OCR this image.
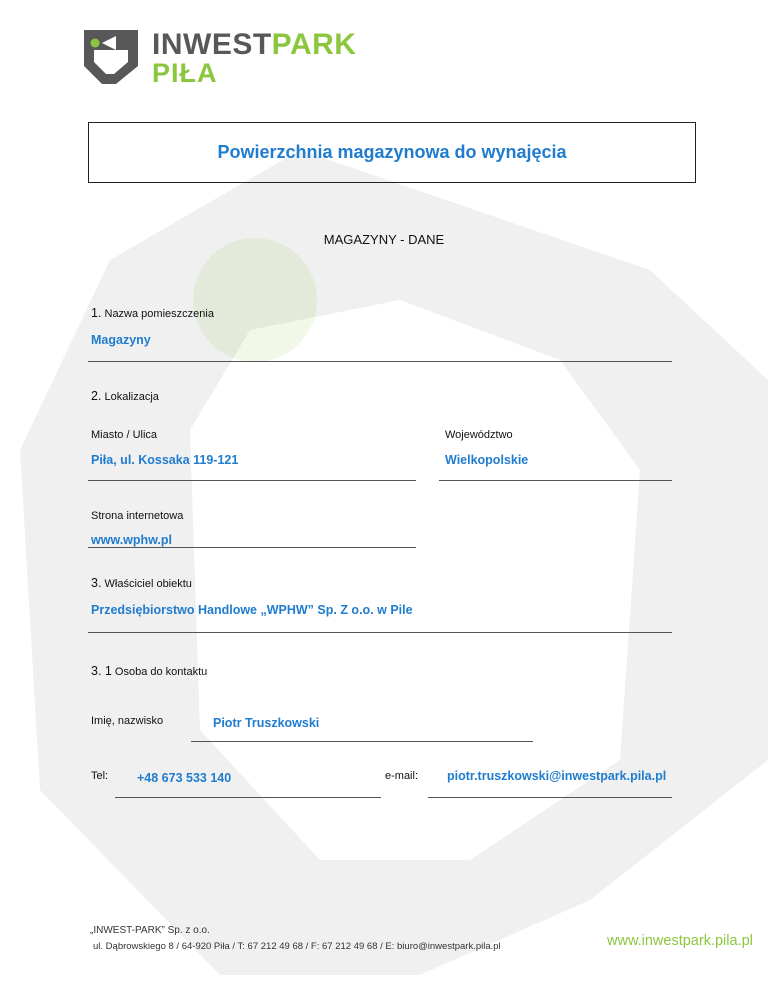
INWESTPARK
PIŁA
Powierzchnia magazynowa do wynajęcia
MAGAZYNY - DANE
1. Nazwa pomieszczenia
Magazyny
2. Lokalizacja
Miasto / Ulica
Piła, ul. Kossaka 119-121
Województwo
Wielkopolskie
Strona internetowa
www.wphw.pl
3. Właściciel obiektu
Przedsiębiorstwo Handlowe „WPHW” Sp. Z o.o. w Pile
3. 1 Osoba do kontaktu
Imię, nazwisko	Piotr Truszkowski
Tel: +48 673 533 140	e-mail: piotr.truszkowski@inwestpark.pila.pl
„INWEST-PARK” Sp. z o.o.
ul. Dąbrowskiego 8 / 64-920 Piła / T: 67 212 49 68 / F: 67 212 49 68 / E: biuro@inwestpark.pila.pl	www.inwestpark.pila.pl
